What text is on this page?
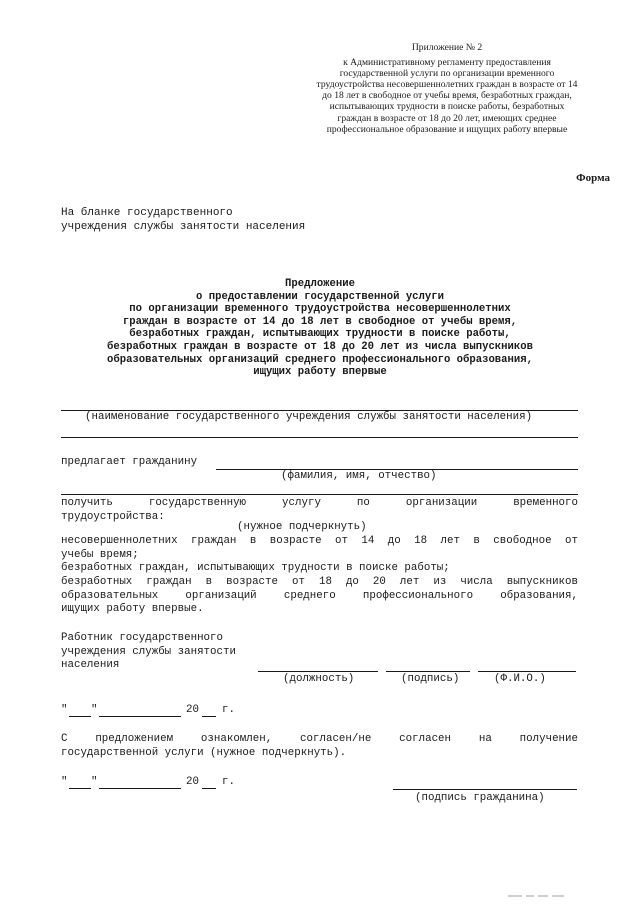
Приложение № 2
к Административному регламенту предоставления
государственной услуги по организации временного
трудоустройства несовершеннолетних граждан в возрасте от 14
до 18 лет в свободное от учебы время, безработных граждан,
испытывающих трудности в поиске работы, безработных
граждан в возрасте от 18 до 20 лет, имеющих среднее
профессиональное образование и ищущих работу впервые
Форма
На бланке государственного
учреждения службы занятости населения
Предложение
о предоставлении государственной услуги
по организации временного трудоустройства несовершеннолетних
граждан в возрасте от 14 до 18 лет в свободное от учебы время,
безработных граждан, испытывающих трудности в поиске работы,
безработных граждан в возрасте от 18 до 20 лет из числа выпускников
образовательных организаций среднего профессионального образования,
ищущих работу впервые
(наименование государственного учреждения службы занятости населения)
предлагает гражданину
(фамилия, имя, отчество)
получить государственную услугу по организации временного
трудоустройства:
(нужное подчеркнуть)
несовершеннолетних граждан в возрасте от 14 до 18 лет в свободное от
учебы время;
безработных граждан, испытывающих трудности в поиске работы;
безработных граждан в возрасте от 18 до 20 лет из числа выпускников
образовательных организаций среднего профессионального образования,
ищущих работу впервые.
Работник государственного
учреждения службы занятости
населения
(должность)	(подпись)	(Ф.И.О.)
" "	20 г.
С предложением ознакомлен, согласен/не согласен на получение
государственной услуги (нужное подчеркнуть).
" "	20 г.
(подпись гражданина)
